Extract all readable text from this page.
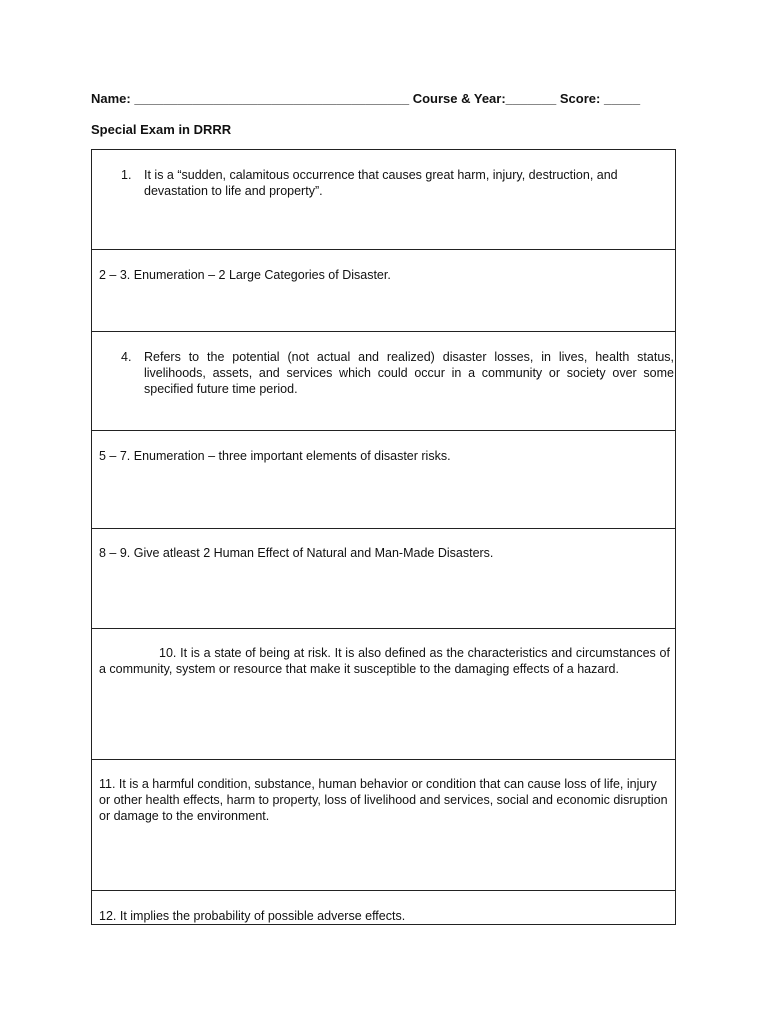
Name: ______________________________________ Course & Year:_______ Score: _____
Special Exam in DRRR
1. It is a “sudden, calamitous occurrence that causes great harm, injury, destruction, and devastation to life and property”.
2 – 3. Enumeration – 2 Large Categories of Disaster.
4. Refers to the potential (not actual and realized) disaster losses, in lives, health status, livelihoods, assets, and services which could occur in a community or society over some specified future time period.
5 – 7. Enumeration – three important elements of disaster risks.
8 – 9. Give atleast 2 Human Effect of Natural and Man-Made Disasters.
10. It is a state of being at risk. It is also defined as the characteristics and circumstances of a community, system or resource that make it susceptible to the damaging effects of a hazard.
11. It is a harmful condition, substance, human behavior or condition that can cause loss of life, injury or other health effects, harm to property, loss of livelihood and services, social and economic disruption or damage to the environment.
12. It implies the probability of possible adverse effects.
